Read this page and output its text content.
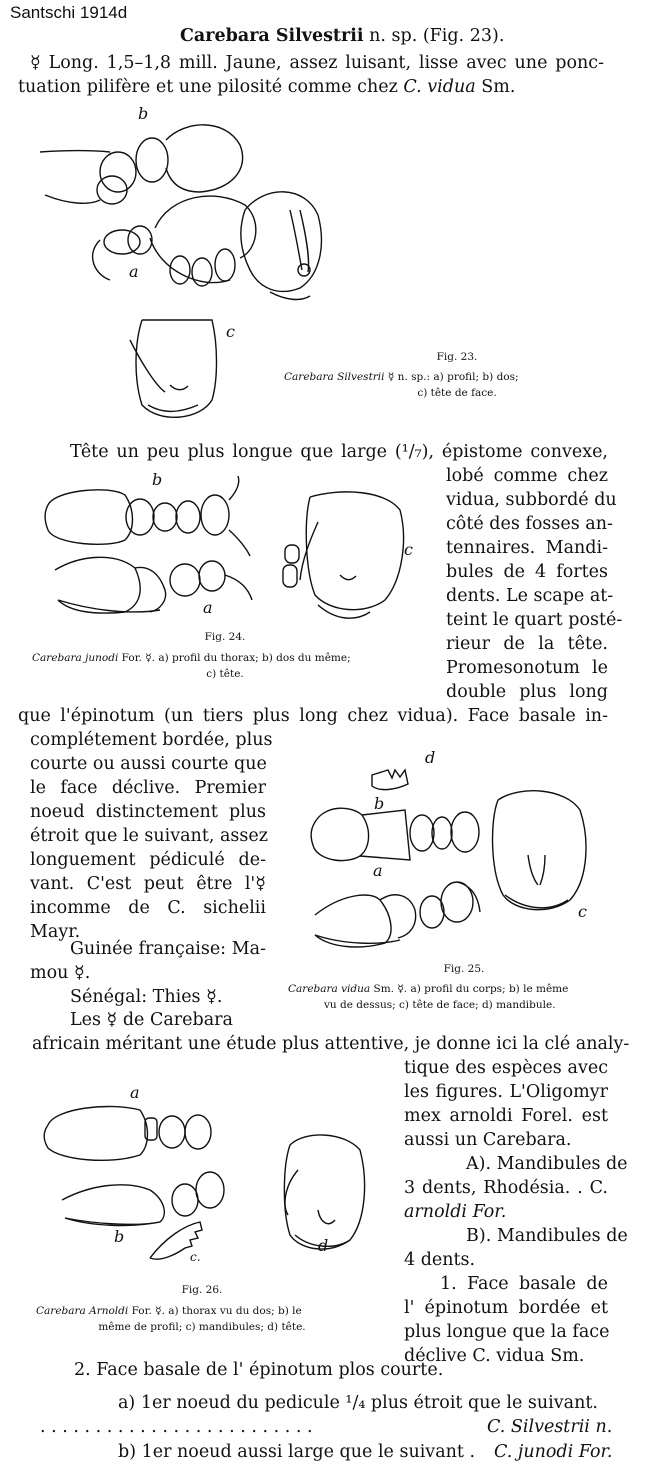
Santschi 1914d
Carebara Silvestrii n. sp. (Fig. 23).
☿ Long. 1,5–1,8 mill. Jaune, assez luisant, lisse avec une ponc-
tuation pilifère et une pilosité comme chez C. vidua Sm.
b
a
c
Fig. 23.
Carebara Silvestrii ☿ n. sp.: a) profil; b) dos;
c) tête de face.
Tête un peu plus longue que large (¹/₇), épistome convexe,
lobé comme chez
vidua, subbordé du
côté des fosses an-
tennaires. Mandi-
bules de 4 fortes
dents. Le scape at-
teint le quart posté-
rieur de la tête.
Promesonotum le
double plus long
que l'épinotum (un tiers plus long chez vidua). Face basale in-
b
a
c
Fig. 24.
Carebara junodi For. ☿. a) profil du thorax; b) dos du même;
c) tête.
complétement bordée, plus
courte ou aussi courte que
le face déclive. Premier
noeud distinctement plus
étroit que le suivant, assez
longuement pédiculé de-
vant. C'est peut être l'☿
incomme de C. sichelii
Mayr.
Guinée française: Ma-
mou ☿.
Sénégal: Thies ☿.
Les ☿ de Carebara
africain méritant une étude plus attentive, je donne ici la clé analy-
d
b
a
c
Fig. 25.
Carebara vidua Sm. ☿. a) profil du corps; b) le même
vu de dessus; c) tête de face; d) mandibule.
tique des espèces avec
les figures. L'Oligomyr
mex arnoldi Forel. est
aussi un Carebara.
A). Mandibules de
3 dents, Rhodésia. . C.
arnoldi For.
B). Mandibules de
4 dents.
1. Face basale de
l' épinotum bordée et
plus longue que la face
déclive C. vidua Sm.
a
b
c.
d
Fig. 26.
Carebara Arnoldi For. ☿. a) thorax vu du dos; b) le
même de profil; c) mandibules; d) tête.
2. Face basale de l' épinotum plos courte.
a) 1er noeud du pedicule ¹/₄ plus étroit que le suivant.
. . . . . . . . . . . . . . . . . . . . . . . . .	C. Silvestrii n.
b) 1er noeud aussi large que le suivant . C. junodi For.
